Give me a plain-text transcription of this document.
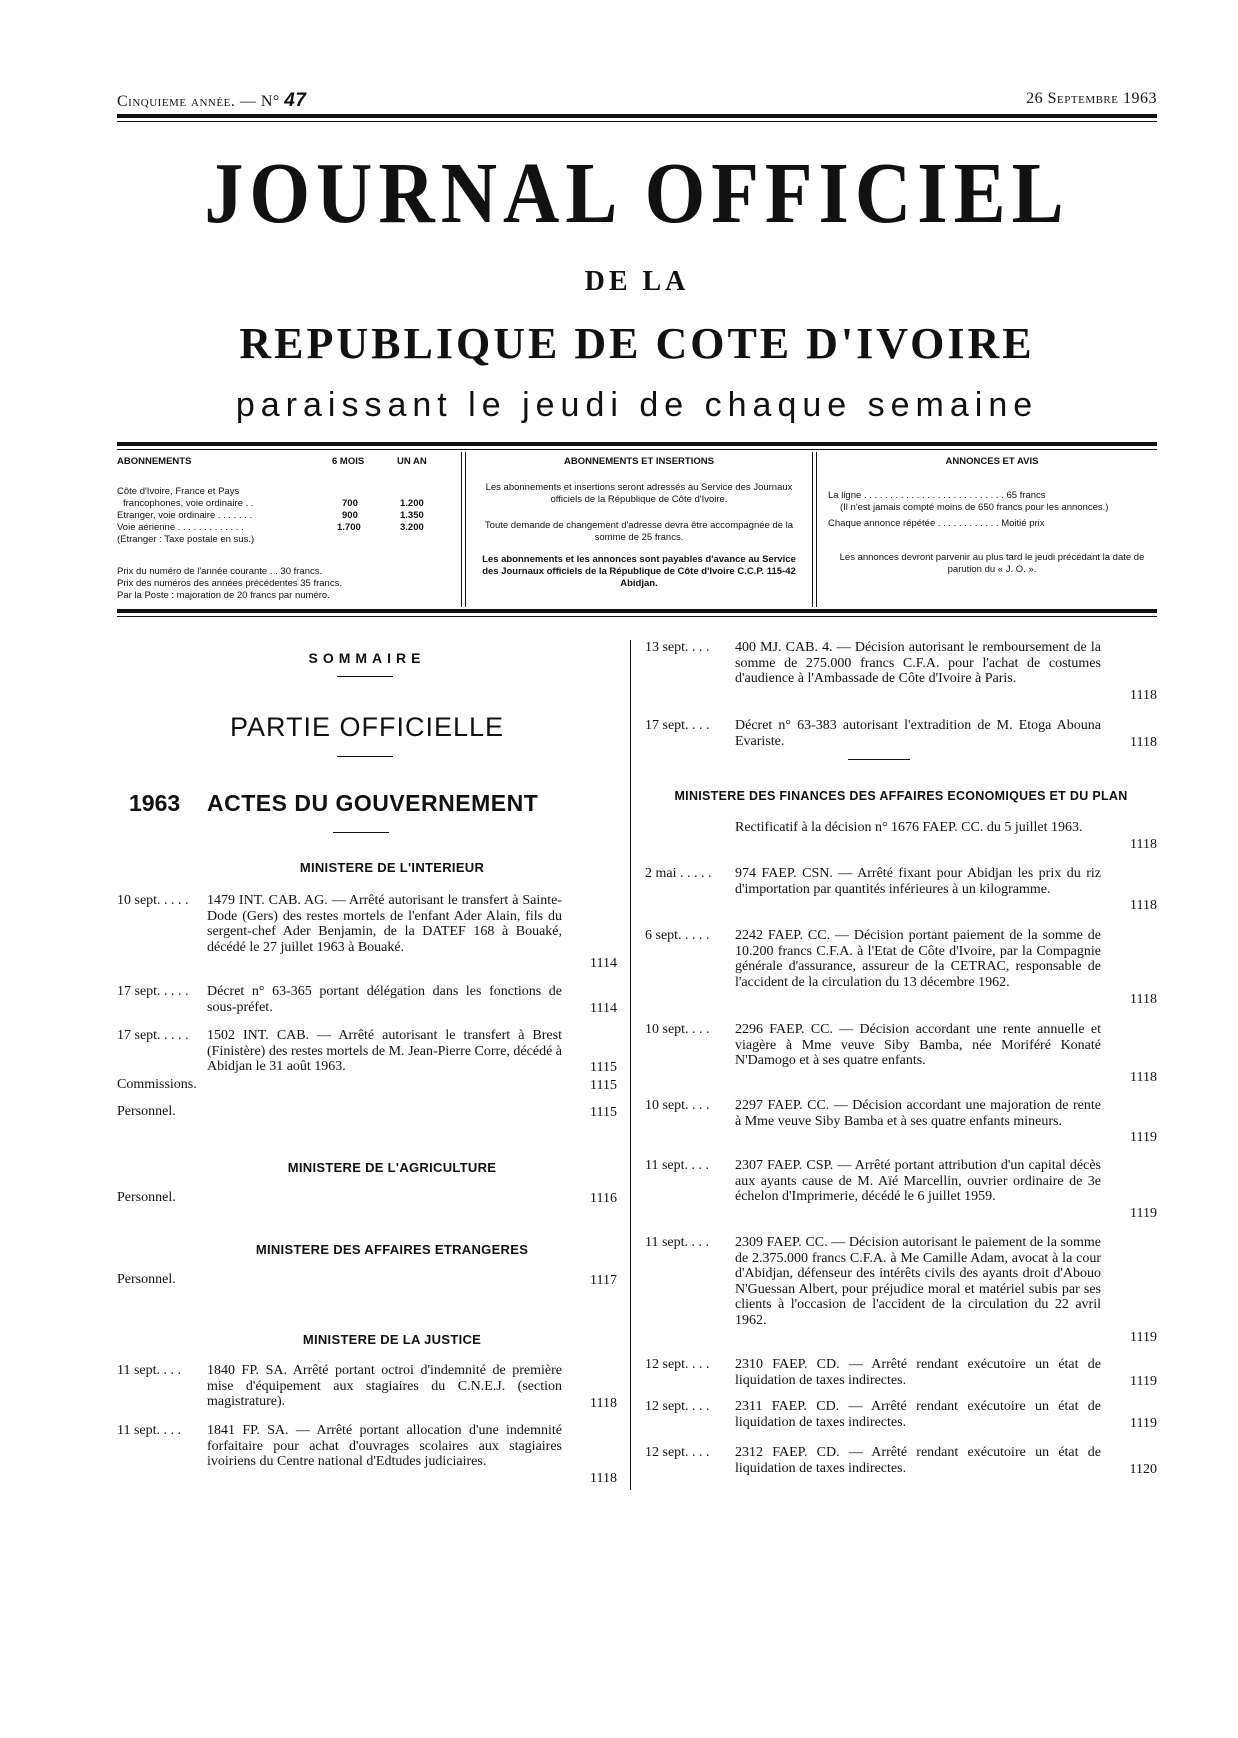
Cinquieme année. — N° 47	26 Septembre 1963
JOURNAL OFFICIEL
DE LA
REPUBLIQUE DE COTE D'IVOIRE
paraissant le jeudi de chaque semaine
ABONNEMENTS	6 MOIS	UN AN
Côte d'Ivoire, France et Pays
francophones, voie ordinaire . .	700	1.200
Etranger, voie ordinaire . . . . . . .	900	1.350
Voie aérienne . . . . . . . . . . . . .	1.700	3.200
(Etranger : Taxe postale en sus.)
Prix du numéro de l'année courante . . 30 francs.
Prix des numéros des années précédentes 35 francs.
Par la Poste : majoration de 20 francs par numéro.
ABONNEMENTS ET INSERTIONS
Les abonnements et insertions seront adressés au Service des Journaux officiels de la République de Côte d'Ivoire.
Toute demande de changement d'adresse devra être accompagnée de la somme de 25 francs.
Les abonnements et les annonces sont payables d'avance au Service des Journaux officiels de la République de Côte d'Ivoire C.C.P. 115-42 Abidjan.
ANNONCES ET AVIS
La ligne . . . . . . . . . . . . . . . . . . . . . . . . . . . 65 francs
(Il n'est jamais compté moins de 650 francs pour les annonces.)
Chaque annonce répétée . . . . . . . . . . . . Moitié prix
Les annonces devront parvenir au plus tard le jeudi précédant la date de parution du « J. O. ».
SOMMAIRE
PARTIE OFFICIELLE
1963 ACTES DU GOUVERNEMENT
MINISTERE DE L'INTERIEUR
10 sept. . . . . 1479 INT. CAB. AG. — Arrêté autorisant le transfert à Sainte-Dode (Gers) des restes mortels de l'enfant Ader Alain, fils du sergent-chef Ader Benjamin, de la DATEF 168 à Bouaké, décédé le 27 juillet 1963 à Bouaké.
1114
17 sept. . . . . Décret n° 63-365 portant délégation dans les fonctions de sous-préfet.	1114
17 sept. . . . . 1502 INT. CAB. — Arrêté autorisant le transfert à Brest (Finistère) des restes mortels de M. Jean-Pierre Corre, décédé à Abidjan le 31 août 1963.	1115
Commissions.	1115
Personnel.	1115
MINISTERE DE L'AGRICULTURE
Personnel.	1116
MINISTERE DES AFFAIRES ETRANGERES
Personnel.	1117
MINISTERE DE LA JUSTICE
11 sept. . . . 1840 FP. SA. Arrêté portant octroi d'indemnité de première mise d'équipement aux stagiaires du C.N.E.J. (section magistrature).	1118
11 sept. . . . 1841 FP. SA. — Arrêté portant allocation d'une indemnité forfaitaire pour achat d'ouvrages scolaires aux stagiaires ivoiriens du Centre national d'Edtudes judiciaires.
1118
13 sept. . . . 400 MJ. CAB. 4. — Décision autorisant le remboursement de la somme de 275.000 francs C.F.A. pour l'achat de costumes d'audience à l'Ambassade de Côte d'Ivoire à Paris.
1118
17 sept. . . . Décret n° 63-383 autorisant l'extradition de M. Etoga Abouna Evariste.	1118
MINISTERE DES FINANCES DES AFFAIRES ECONOMIQUES ET DU PLAN
Rectificatif à la décision n° 1676 FAEP. CC. du 5 juillet 1963.
1118
2 mai . . . . . 974 FAEP. CSN. — Arrêté fixant pour Abidjan les prix du riz d'importation par quantités inférieures à un kilogramme.
1118
6 sept. . . . . 2242 FAEP. CC. — Décision portant paiement de la somme de 10.200 francs C.F.A. à l'Etat de Côte d'Ivoire, par la Compagnie générale d'assurance, assureur de la CETRAC, responsable de l'accident de la circulation du 13 décembre 1962.
1118
10 sept. . . . 2296 FAEP. CC. — Décision accordant une rente annuelle et viagère à Mme veuve Siby Bamba, née Moriféré Konaté N'Damogo et à ses quatre enfants.
1118
10 sept. . . . 2297 FAEP. CC. — Décision accordant une majoration de rente à Mme veuve Siby Bamba et à ses quatre enfants mineurs.
1119
11 sept. . . . 2307 FAEP. CSP. — Arrêté portant attribution d'un capital décès aux ayants cause de M. Aïé Marcellin, ouvrier ordinaire de 3e échelon d'Imprimerie, décédé le 6 juillet 1959.
1119
11 sept. . . . 2309 FAEP. CC. — Décision autorisant le paiement de la somme de 2.375.000 francs C.F.A. à Me Camille Adam, avocat à la cour d'Abidjan, défenseur des intérêts civils des ayants droit d'Abouo N'Guessan Albert, pour préjudice moral et matériel subis par ses clients à l'occasion de l'accident de la circulation du 22 avril 1962.
1119
12 sept. . . . 2310 FAEP. CD. — Arrêté rendant exécutoire un état de liquidation de taxes indirectes.	1119
12 sept. . . . 2311 FAEP. CD. — Arrêté rendant exécutoire un état de liquidation de taxes indirectes.	1119
12 sept. . . . 2312 FAEP. CD. — Arrêté rendant exécutoire un état de liquidation de taxes indirectes.	1120
